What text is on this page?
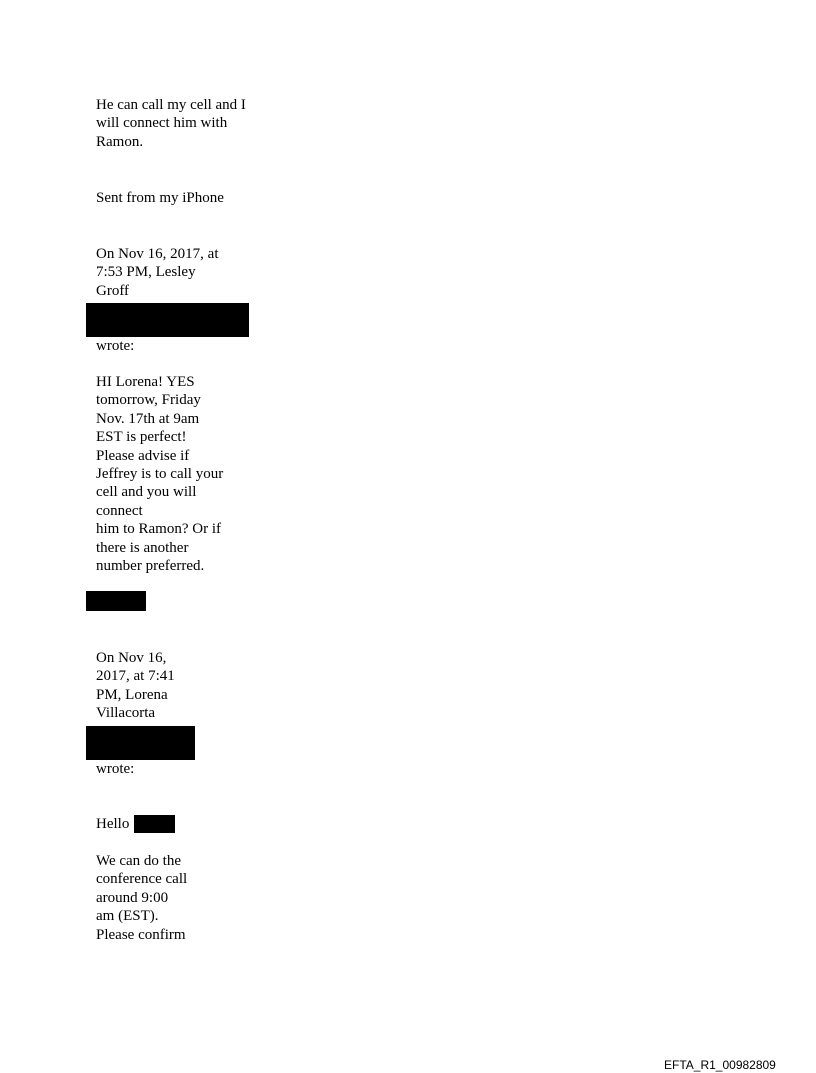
He can call my cell and I
will connect him with
Ramon.

Sent from my iPhone

On Nov 16, 2017, at
7:53 PM, Lesley
Groff

wrote:

HI Lorena! YES
tomorrow, Friday
Nov. 17th at 9am
EST is perfect!
Please advise if
Jeffrey is to call your
cell and you will
connect
him to Ramon? Or if
there is another
number preferred.

On Nov 16,
2017, at 7:41
PM, Lorena
Villacorta

wrote:

Hello

We can do the
conference call
around 9:00
am (EST).
Please confirm

EFTA_R1_00982809
